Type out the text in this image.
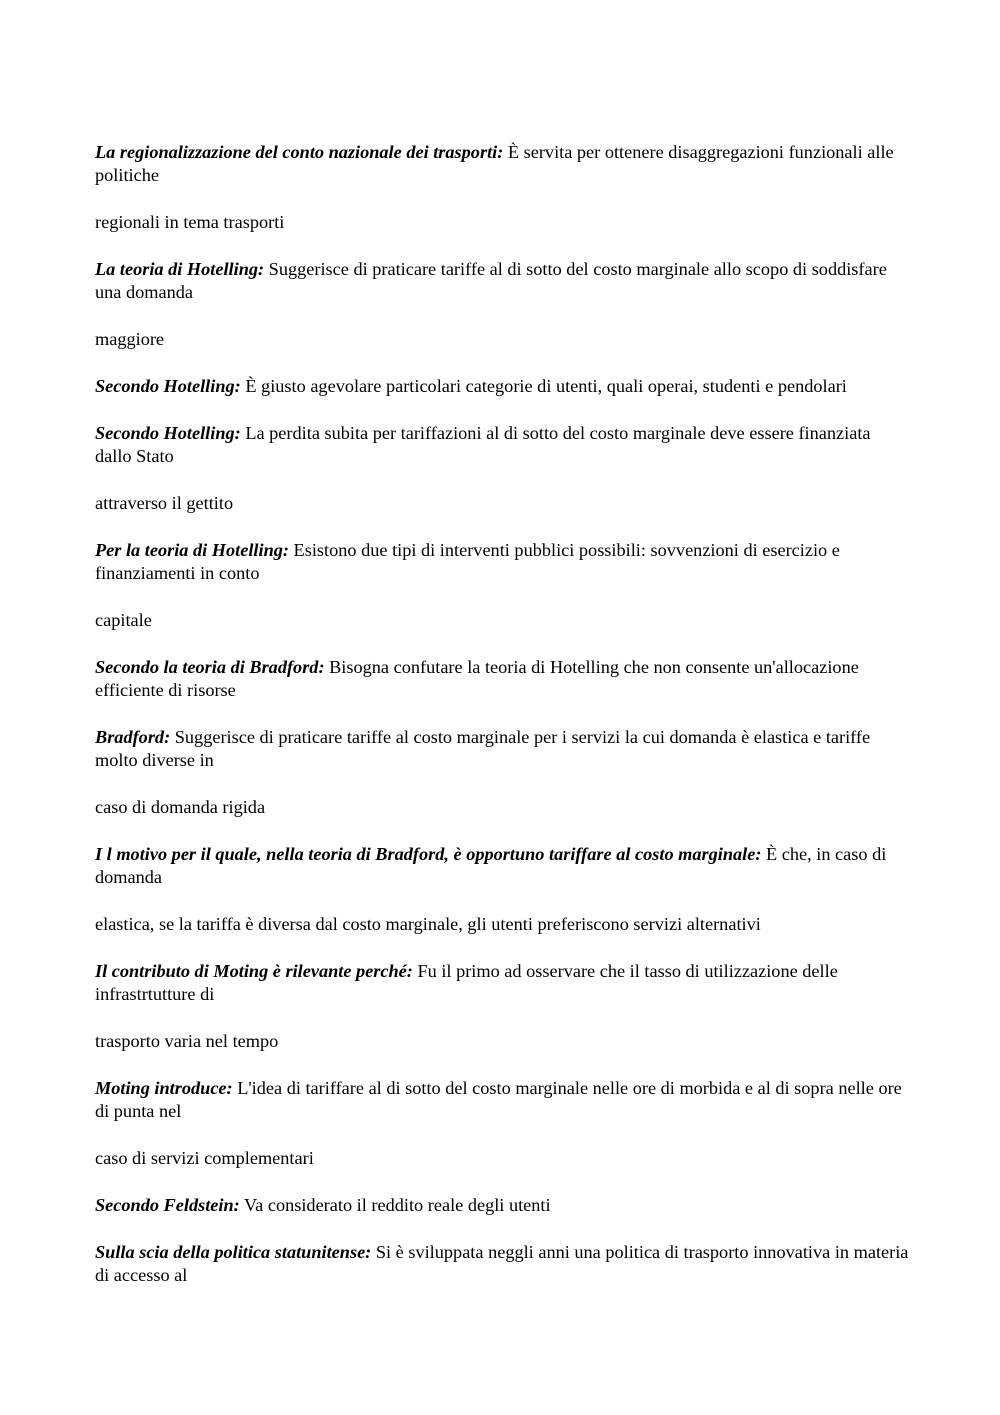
La regionalizzazione del conto nazionale dei trasporti: È servita per ottenere disaggregazioni funzionali alle politiche

regionali in tema trasporti

La teoria di Hotelling: Suggerisce di praticare tariffe al di sotto del costo marginale allo scopo di soddisfare una domanda

maggiore

Secondo Hotelling: È giusto agevolare particolari categorie di utenti, quali operai, studenti e pendolari

Secondo Hotelling: La perdita subita per tariffazioni al di sotto del costo marginale deve essere finanziata dallo Stato

attraverso il gettito

Per la teoria di Hotelling: Esistono due tipi di interventi pubblici possibili: sovvenzioni di esercizio e finanziamenti in conto

capitale

Secondo la teoria di Bradford: Bisogna confutare la teoria di Hotelling che non consente un'allocazione efficiente di risorse

Bradford: Suggerisce di praticare tariffe al costo marginale per i servizi la cui domanda è elastica e tariffe molto diverse in

caso di domanda rigida

I l motivo per il quale, nella teoria di Bradford, è opportuno tariffare al costo marginale: È che, in caso di domanda

elastica, se la tariffa è diversa dal costo marginale, gli utenti preferiscono servizi alternativi

Il contributo di Moting è rilevante perché: Fu il primo ad osservare che il tasso di utilizzazione delle infrastrtutture di

trasporto varia nel tempo

Moting introduce: L'idea di tariffare al di sotto del costo marginale nelle ore di morbida e al di sopra nelle ore di punta nel

caso di servizi complementari

Secondo Feldstein: Va considerato il reddito reale degli utenti

Sulla scia della politica statunitense: Si è sviluppata neggli anni una politica di trasporto innovativa in materia di accesso al
